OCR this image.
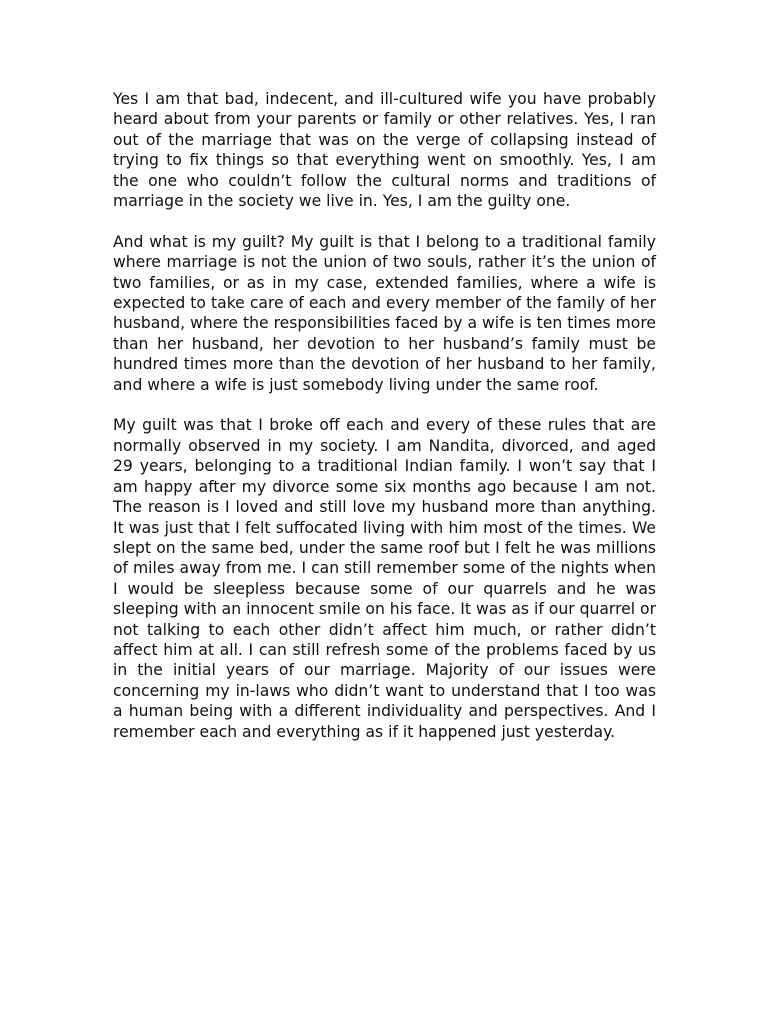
Yes I am that bad, indecent, and ill-cultured wife you have probably heard about from your parents or family or other relatives. Yes, I ran out of the marriage that was on the verge of collapsing instead of trying to fix things so that everything went on smoothly. Yes, I am the one who couldn’t follow the cultural norms and traditions of marriage in the society we live in. Yes, I am the guilty one.

And what is my guilt? My guilt is that I belong to a traditional family where marriage is not the union of two souls, rather it’s the union of two families, or as in my case, extended families, where a wife is expected to take care of each and every member of the family of her husband, where the responsibilities faced by a wife is ten times more than her husband, her devotion to her husband’s family must be hundred times more than the devotion of her husband to her family, and where a wife is just somebody living under the same roof.

My guilt was that I broke off each and every of these rules that are normally observed in my society. I am Nandita, divorced, and aged 29 years, belonging to a traditional Indian family. I won’t say that I am happy after my divorce some six months ago because I am not. The reason is I loved and still love my husband more than anything. It was just that I felt suffocated living with him most of the times. We slept on the same bed, under the same roof but I felt he was millions of miles away from me. I can still remember some of the nights when I would be sleepless because some of our quarrels and he was sleeping with an innocent smile on his face. It was as if our quarrel or not talking to each other didn’t affect him much, or rather didn’t affect him at all. I can still refresh some of the problems faced by us in the initial years of our marriage. Majority of our issues were concerning my in-laws who didn’t want to understand that I too was a human being with a different individuality and perspectives. And I remember each and everything as if it happened just yesterday.
